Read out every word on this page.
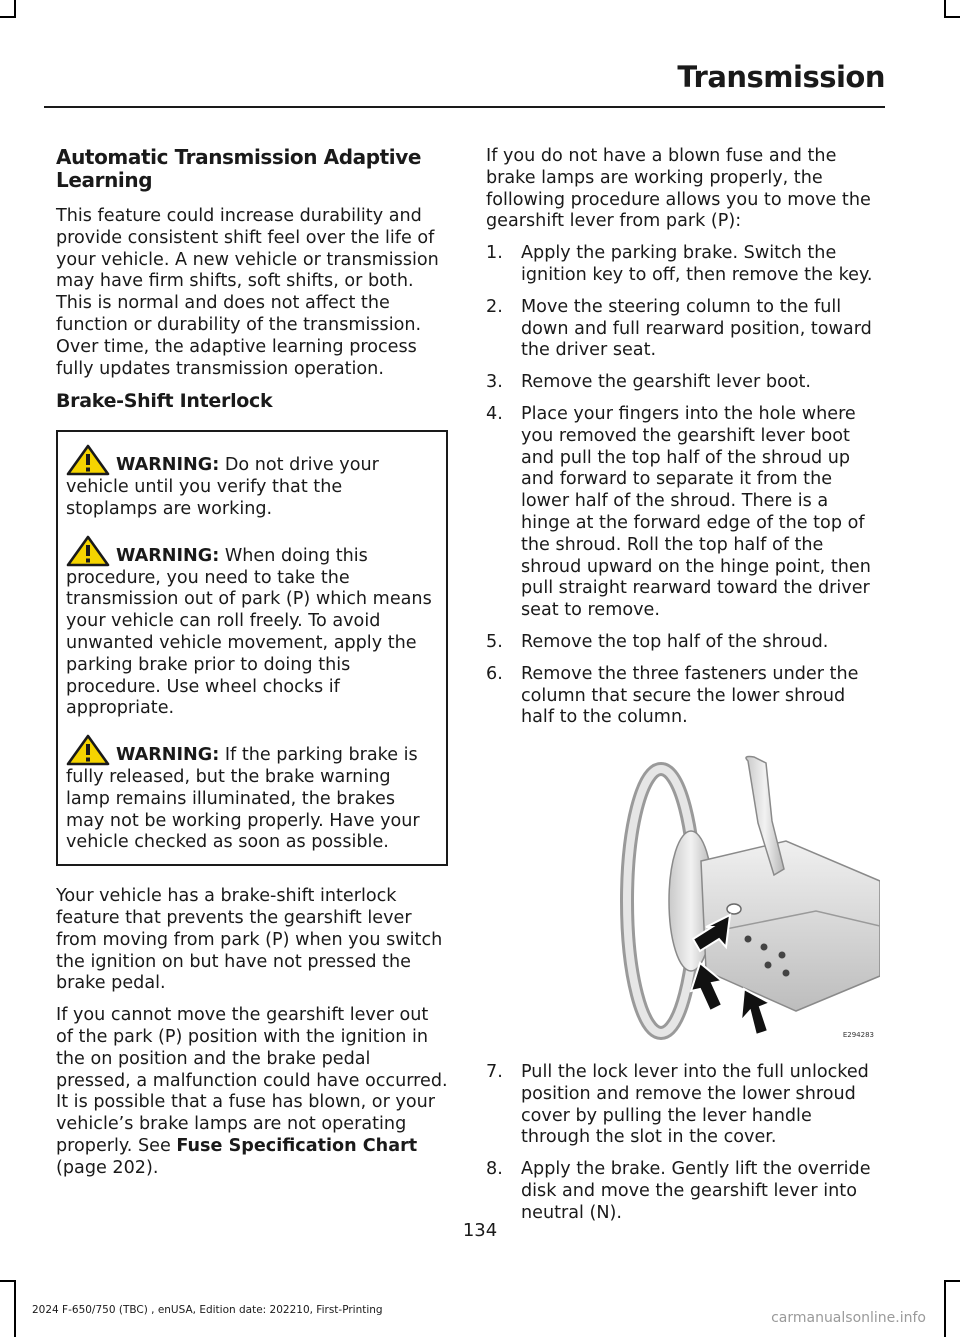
Transmission
Automatic Transmission Adaptive Learning

This feature could increase durability and provide consistent shift feel over the life of your vehicle. A new vehicle or transmission may have firm shifts, soft shifts, or both. This is normal and does not affect the function or durability of the transmission. Over time, the adaptive learning process fully updates transmission operation.

Brake-Shift Interlock

WARNING: Do not drive your vehicle until you verify that the stoplamps are working.

WARNING: When doing this procedure, you need to take the transmission out of park (P) which means your vehicle can roll freely. To avoid unwanted vehicle movement, apply the parking brake prior to doing this procedure. Use wheel chocks if appropriate.

WARNING: If the parking brake is fully released, but the brake warning lamp remains illuminated, the brakes may not be working properly. Have your vehicle checked as soon as possible.

Your vehicle has a brake-shift interlock feature that prevents the gearshift lever from moving from park (P) when you switch the ignition on but have not pressed the brake pedal.

If you cannot move the gearshift lever out of the park (P) position with the ignition in the on position and the brake pedal pressed, a malfunction could have occurred. It is possible that a fuse has blown, or your vehicle’s brake lamps are not operating properly. See Fuse Specification Chart (page 202).

If you do not have a blown fuse and the brake lamps are working properly, the following procedure allows you to move the gearshift lever from park (P):

1. Apply the parking brake. Switch the ignition key to off, then remove the key.
2. Move the steering column to the full down and full rearward position, toward the driver seat.
3. Remove the gearshift lever boot.
4. Place your fingers into the hole where you removed the gearshift lever boot and pull the top half of the shroud up and forward to separate it from the lower half of the shroud. There is a hinge at the forward edge of the top of the shroud. Roll the top half of the shroud upward on the hinge point, then pull straight rearward toward the driver seat to remove.
5. Remove the top half of the shroud.
6. Remove the three fasteners under the column that secure the lower shroud half to the column.
E294283
7. Pull the lock lever into the full unlocked position and remove the lower shroud cover by pulling the lever handle through the slot in the cover.
8. Apply the brake. Gently lift the override disk and move the gearshift lever into neutral (N).
134
2024 F-650/750 (TBC) , enUSA, Edition date: 202210, First-Printing	carmanualsonline.info
